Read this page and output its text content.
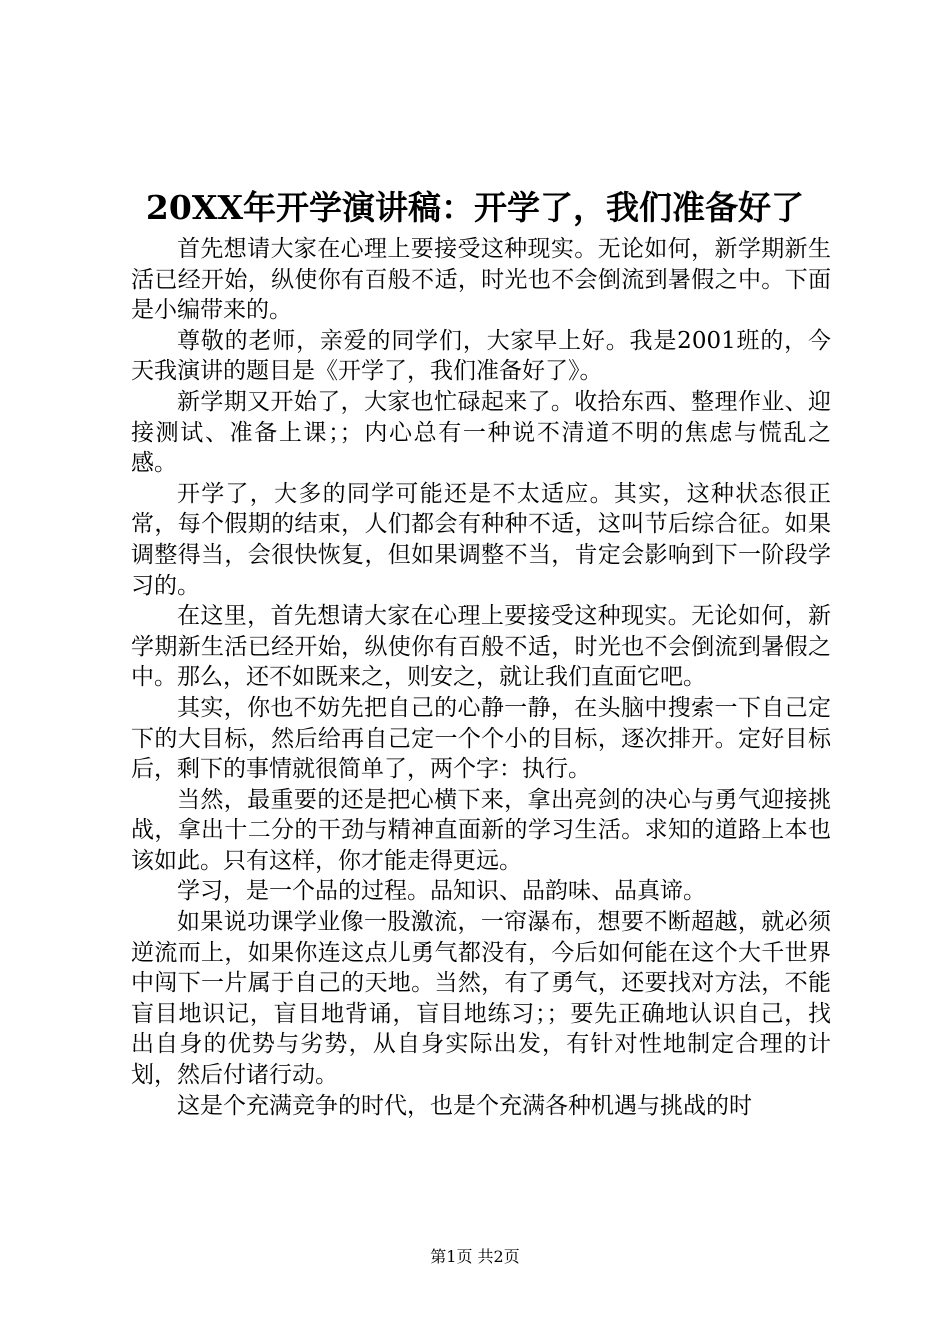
20XX年开学演讲稿：开学了，我们准备好了

首先想请大家在心理上要接受这种现实。无论如何，新学期新生活已经开始，纵使你有百般不适，时光也不会倒流到暑假之中。下面是小编带来的。

尊敬的老师，亲爱的同学们，大家早上好。我是2001班的，今天我演讲的题目是《开学了，我们准备好了》。

新学期又开始了，大家也忙碌起来了。收拾东西、整理作业、迎接测试、准备上课；；内心总有一种说不清道不明的焦虑与慌乱之感。

开学了，大多的同学可能还是不太适应。其实，这种状态很正常，每个假期的结束，人们都会有种种不适，这叫节后综合征。如果调整得当，会很快恢复，但如果调整不当，肯定会影响到下一阶段学习的。

在这里，首先想请大家在心理上要接受这种现实。无论如何，新学期新生活已经开始，纵使你有百般不适，时光也不会倒流到暑假之中。那么，还不如既来之，则安之，就让我们直面它吧。

其实，你也不妨先把自己的心静一静，在头脑中搜索一下自己定下的大目标，然后给再自己定一个个小的目标，逐次排开。定好目标后，剩下的事情就很简单了，两个字：执行。

当然，最重要的还是把心横下来，拿出亮剑的决心与勇气迎接挑战，拿出十二分的干劲与精神直面新的学习生活。求知的道路上本也该如此。只有这样，你才能走得更远。

学习，是一个品的过程。品知识、品韵味、品真谛。

如果说功课学业像一股激流，一帘瀑布，想要不断超越，就必须逆流而上，如果你连这点儿勇气都没有，今后如何能在这个大千世界中闯下一片属于自己的天地。当然，有了勇气，还要找对方法，不能盲目地识记，盲目地背诵，盲目地练习；；要先正确地认识自己，找出自身的优势与劣势，从自身实际出发，有针对性地制定合理的计划，然后付诸行动。

这是个充满竞争的时代，也是个充满各种机遇与挑战的时

第1页 共2页
